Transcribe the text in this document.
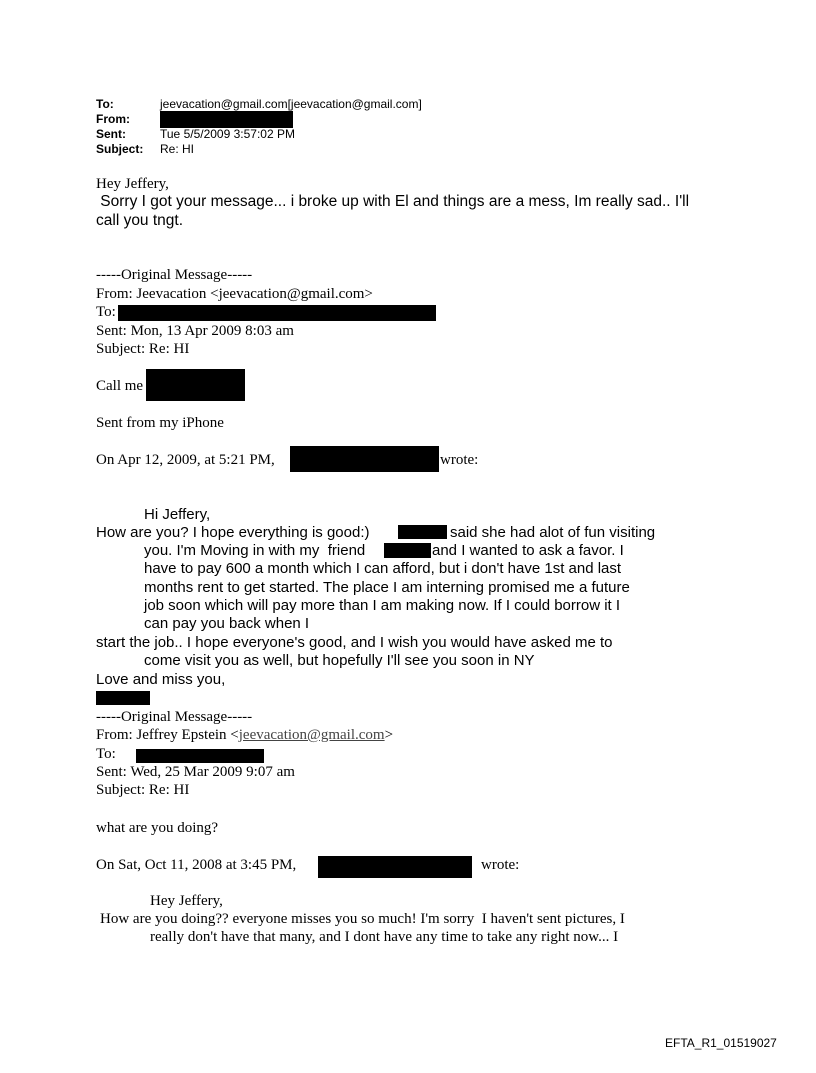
To:	jeevacation@gmail.com[jeevacation@gmail.com]
From:
Sent:	Tue 5/5/2009 3:57:02 PM
Subject: Re: HI
Hey Jeffery,
Sorry I got your message... i broke up with El and things are a mess, Im really sad.. I'll
call you tngt.
-----Original Message-----
From: Jeevacation <jeevacation@gmail.com>
To:
Sent: Mon, 13 Apr 2009 8:03 am
Subject: Re: HI
Call me
Sent from my iPhone
On Apr 12, 2009, at 5:21 PM,	wrote:
Hi Jeffery,
How are you? I hope everything is good:)	said she had alot of fun visiting
you. I'm Moving in with my  friend	and I wanted to ask a favor. I
have to pay 600 a month which I can afford, but i don't have 1st and last
months rent to get started. The place I am interning promised me a future
job soon which will pay more than I am making now. If I could borrow it I
can pay you back when I
start the job.. I hope everyone's good, and I wish you would have asked me to
come visit you as well, but hopefully I'll see you soon in NY
Love and miss you,
-----Original Message-----
From: Jeffrey Epstein <jeevacation@gmail.com>
To:
Sent: Wed, 25 Mar 2009 9:07 am
Subject: Re: HI
what are you doing?
On Sat, Oct 11, 2008 at 3:45 PM,	wrote:
Hey Jeffery,
How are you doing?? everyone misses you so much! I'm sorry  I haven't sent pictures, I
really don't have that many, and I dont have any time to take any right now... I
EFTA_R1_01519027
